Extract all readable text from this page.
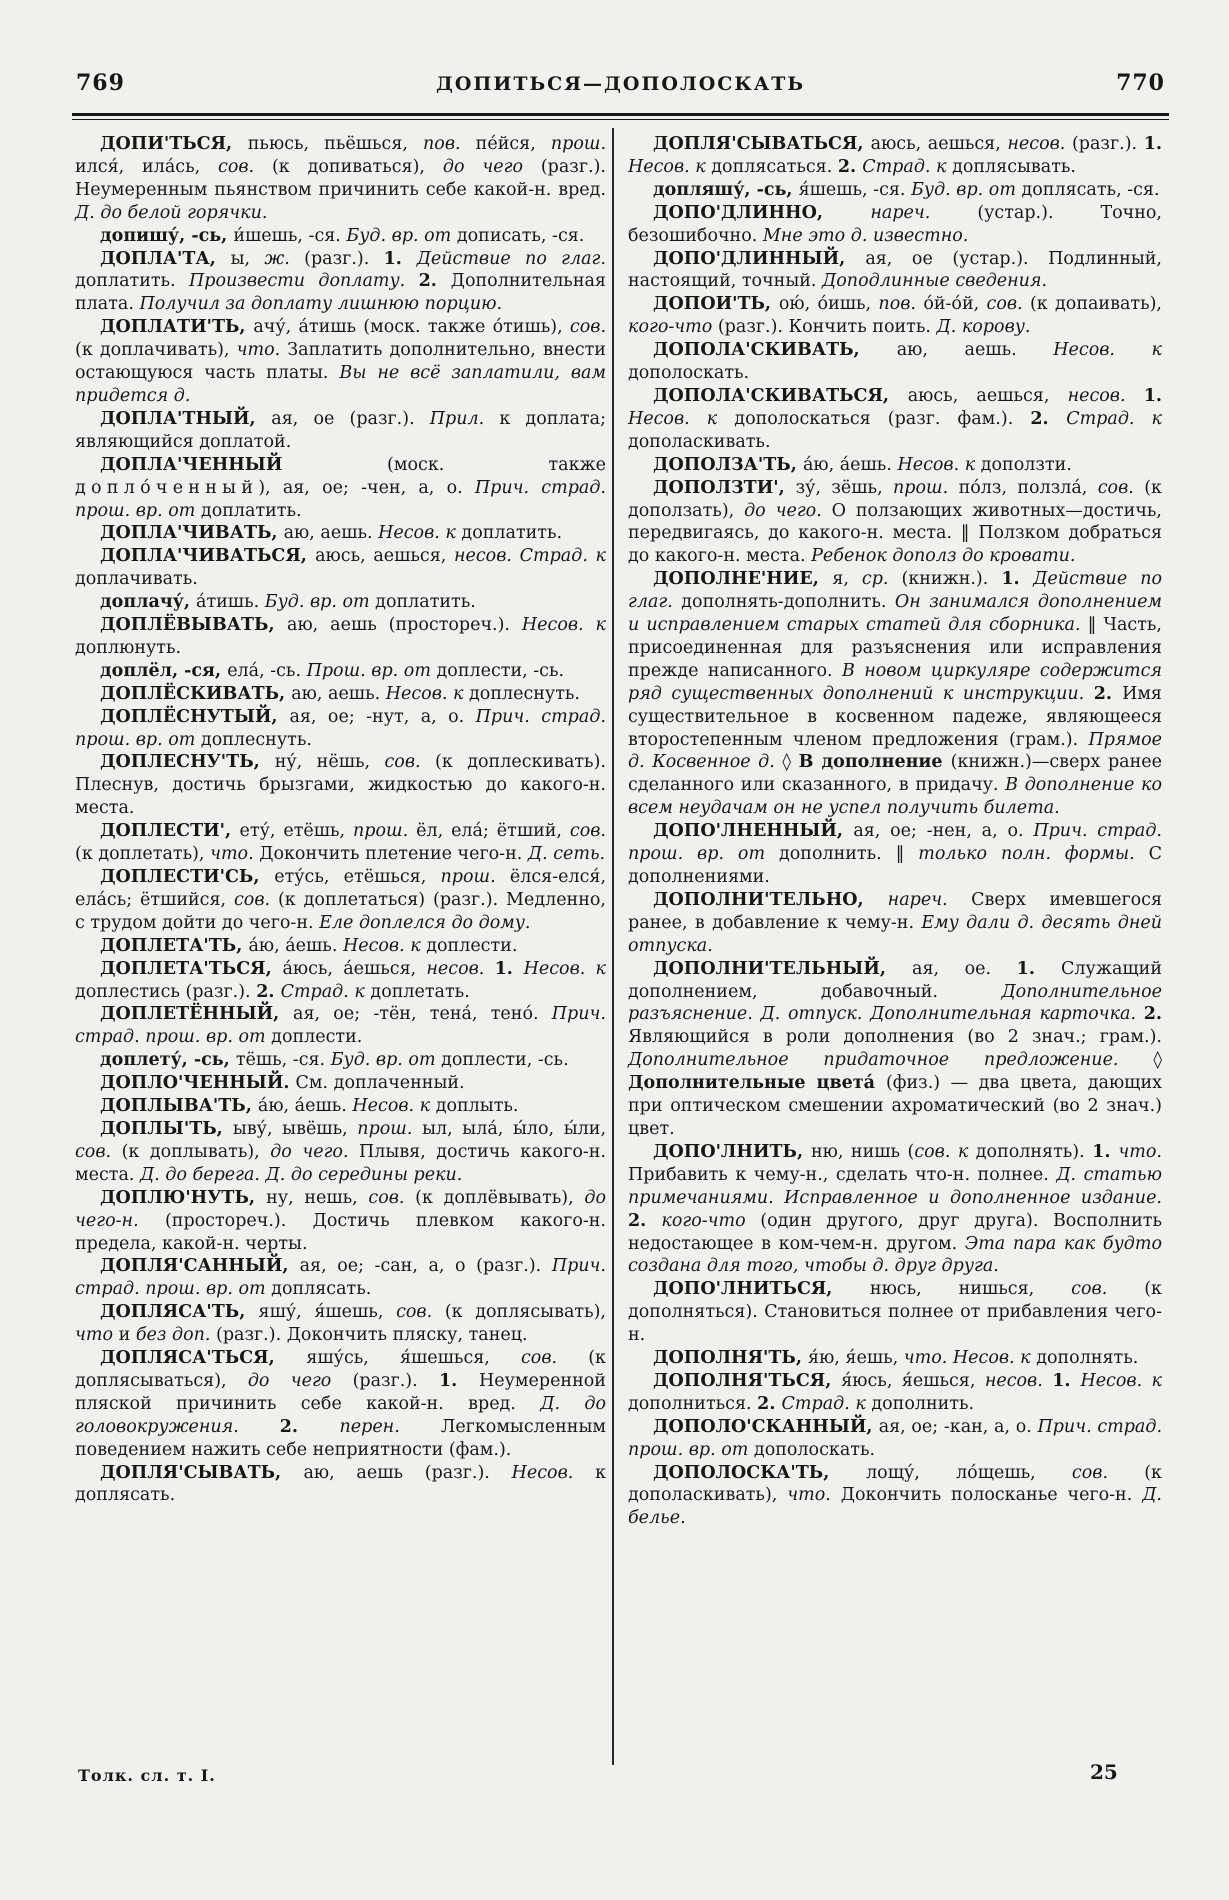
769	ДОПИТЬСЯ—ДОПОЛОСКАТЬ	770

ДОПИ'ТЬСЯ, пьюсь, пьёшься, пов. пе́йся, прош. ился́, ила́сь, сов. (к допиваться), до чего (разг.). Неумеренным пьянством причинить себе какой-н. вред. Д. до белой горячки.

допишу́, -сь, и́шешь, -ся. Буд. вр. от дописать, -ся.

ДОПЛА'ТА, ы, ж. (разг.). 1. Действие по глаг. доплатить. Произвести доплату. 2. Дополнительная плата. Получил за доплату лишнюю порцию.

ДОПЛАТИ'ТЬ, ачу́, а́тишь (моск. также о́тишь), сов. (к доплачивать), что. Заплатить дополнительно, внести остающуюся часть платы. Вы не всё заплатили, вам придется д.

ДОПЛА'ТНЫЙ, ая, ое (разг.). Прил. к доплата; являющийся доплатой.

ДОПЛА'ЧЕННЫЙ (моск. также допло́ченный), ая, ое; -чен, а, о. Прич. страд. прош. вр. от доплатить.

ДОПЛА'ЧИВАТЬ, аю, аешь. Несов. к доплатить.

ДОПЛА'ЧИВАТЬСЯ, аюсь, аешься, несов. Страд. к доплачивать.

доплачу́, а́тишь. Буд. вр. от доплатить.

ДОПЛЁВЫВАТЬ, аю, аешь (простореч.). Несов. к доплюнуть.

доплёл, -ся, ела́, -сь. Прош. вр. от доплести, -сь.

ДОПЛЁСКИВАТЬ, аю, аешь. Несов. к доплеснуть.

ДОПЛЁСНУТЫЙ, ая, ое; -нут, а, о. Прич. страд. прош. вр. от доплеснуть.

ДОПЛЕСНУ'ТЬ, ну́, нёшь, сов. (к доплескивать). Плеснув, достичь брызгами, жидкостью до какого-н. места.

ДОПЛЕСТИ', ету́, етёшь, прош. ёл, ела́; ётший, сов. (к доплетать), что. Докончить плетение чего-н. Д. сеть.

ДОПЛЕСТИ'СЬ, ету́сь, етёшься, прош. ёлся-елся́, ела́сь; ётшийся, сов. (к доплетаться) (разг.). Медленно, с трудом дойти до чего-н. Еле доплелся до дому.

ДОПЛЕТА'ТЬ, а́ю, а́ешь. Несов. к доплести.

ДОПЛЕТА'ТЬСЯ, а́юсь, а́ешься, несов. 1. Несов. к доплестись (разг.). 2. Страд. к доплетать.

ДОПЛЕТЁННЫЙ, ая, ое; -тён, тена́, тено́. Прич. страд. прош. вр. от доплести.

доплету́, -сь, тёшь, -ся. Буд. вр. от доплести, -сь.

ДОПЛО'ЧЕННЫЙ. См. доплаченный.

ДОПЛЫВА'ТЬ, а́ю, а́ешь. Несов. к доплыть.

ДОПЛЫ'ТЬ, ыву́, ывёшь, прош. ыл, ыла́, ы́ло, ы́ли, сов. (к доплывать), до чего. Плывя, достичь какого-н. места. Д. до берега. Д. до середины реки.

ДОПЛЮ'НУТЬ, ну, нешь, сов. (к доплёвывать), до чего-н. (простореч.). Достичь плевком какого-н. предела, какой-н. черты.

ДОПЛЯ'САННЫЙ, ая, ое; -сан, а, о (разг.). Прич. страд. прош. вр. от доплясать.

ДОПЛЯСА'ТЬ, яшу́, я́шешь, сов. (к доплясывать), что и без доп. (разг.). Докончить пляску, танец.

ДОПЛЯСА'ТЬСЯ, яшу́сь, я́шешься, сов. (к доплясываться), до чего (разг.). 1. Неумеренной пляской причинить себе какой-н. вред. Д. до головокружения. 2. перен. Легкомысленным поведением нажить себе неприятности (фам.).

ДОПЛЯ'СЫВАТЬ, аю, аешь (разг.). Несов. к доплясать.

ДОПЛЯ'СЫВАТЬСЯ, аюсь, аешься, несов. (разг.). 1. Несов. к доплясаться. 2. Страд. к доплясывать.

допляшу́, -сь, я́шешь, -ся. Буд. вр. от доплясать, -ся.

ДОПО'ДЛИННО, нареч. (устар.). Точно, безошибочно. Мне это д. известно.

ДОПО'ДЛИННЫЙ, ая, ое (устар.). Подлинный, настоящий, точный. Доподлинные сведения.

ДОПОИ'ТЬ, ою́, о́ишь, пов. о́й-о́й, сов. (к допаивать), кого-что (разг.). Кончить поить. Д. корову.

ДОПОЛА'СКИВАТЬ, аю, аешь. Несов. к дополоскать.

ДОПОЛА'СКИВАТЬСЯ, аюсь, аешься, несов. 1. Несов. к дополоскаться (разг. фам.). 2. Страд. к дополаскивать.

ДОПОЛЗА'ТЬ, а́ю, а́ешь. Несов. к доползти.

ДОПОЛЗТИ', зу́, зёшь, прош. по́лз, ползла́, сов. (к доползать), до чего. О ползающих животных—достичь, передвигаясь, до какого-н. места. ‖ Ползком добраться до какого-н. места. Ребенок дополз до кровати.

ДОПОЛНЕ'НИЕ, я, ср. (книжн.). 1. Действие по глаг. дополнять-дополнить. Он занимался дополнением и исправлением старых статей для сборника. ‖ Часть, присоединенная для разъяснения или исправления прежде написанного. В новом циркуляре содержится ряд существенных дополнений к инструкции. 2. Имя существительное в косвенном падеже, являющееся второстепенным членом предложения (грам.). Прямое д. Косвенное д. ◊ В дополнение (книжн.)—сверх ранее сделанного или сказанного, в придачу. В дополнение ко всем неудачам он не успел получить билета.

ДОПО'ЛНЕННЫЙ, ая, ое; -нен, а, о. Прич. страд. прош. вр. от дополнить. ‖ только полн. формы. С дополнениями.

ДОПОЛНИ'ТЕЛЬНО, нареч. Сверх имевшегося ранее, в добавление к чему-н. Ему дали д. десять дней отпуска.

ДОПОЛНИ'ТЕЛЬНЫЙ, ая, ое. 1. Служащий дополнением, добавочный. Дополнительное разъяснение. Д. отпуск. Дополнительная карточка. 2. Являющийся в роли дополнения (во 2 знач.; грам.). Дополнительное придаточное предложение. ◊ Дополнительные цвета́ (физ.) — два цвета, дающих при оптическом смешении ахроматический (во 2 знач.) цвет.

ДОПО'ЛНИТЬ, ню, нишь (сов. к дополнять). 1. что. Прибавить к чему-н., сделать что-н. полнее. Д. статью примечаниями. Исправленное и дополненное издание. 2. кого-что (один другого, друг друга). Восполнить недостающее в ком-чем-н. другом. Эта пара как будто создана для того, чтобы д. друг друга.

ДОПО'ЛНИТЬСЯ, нюсь, нишься, сов. (к дополняться). Становиться полнее от прибавления чего-н.

ДОПОЛНЯ'ТЬ, я́ю, я́ешь, что. Несов. к дополнять.

ДОПОЛНЯ'ТЬСЯ, я́юсь, я́ешься, несов. 1. Несов. к дополниться. 2. Страд. к дополнить.

ДОПОЛО'СКАННЫЙ, ая, ое; -кан, а, о. Прич. страд. прош. вр. от дополоскать.

ДОПОЛОСКА'ТЬ, лощу́, ло́щешь, сов. (к дополаскивать), что. Докончить полосканье чего-н. Д. белье.

Толк. сл. т. I.	25
